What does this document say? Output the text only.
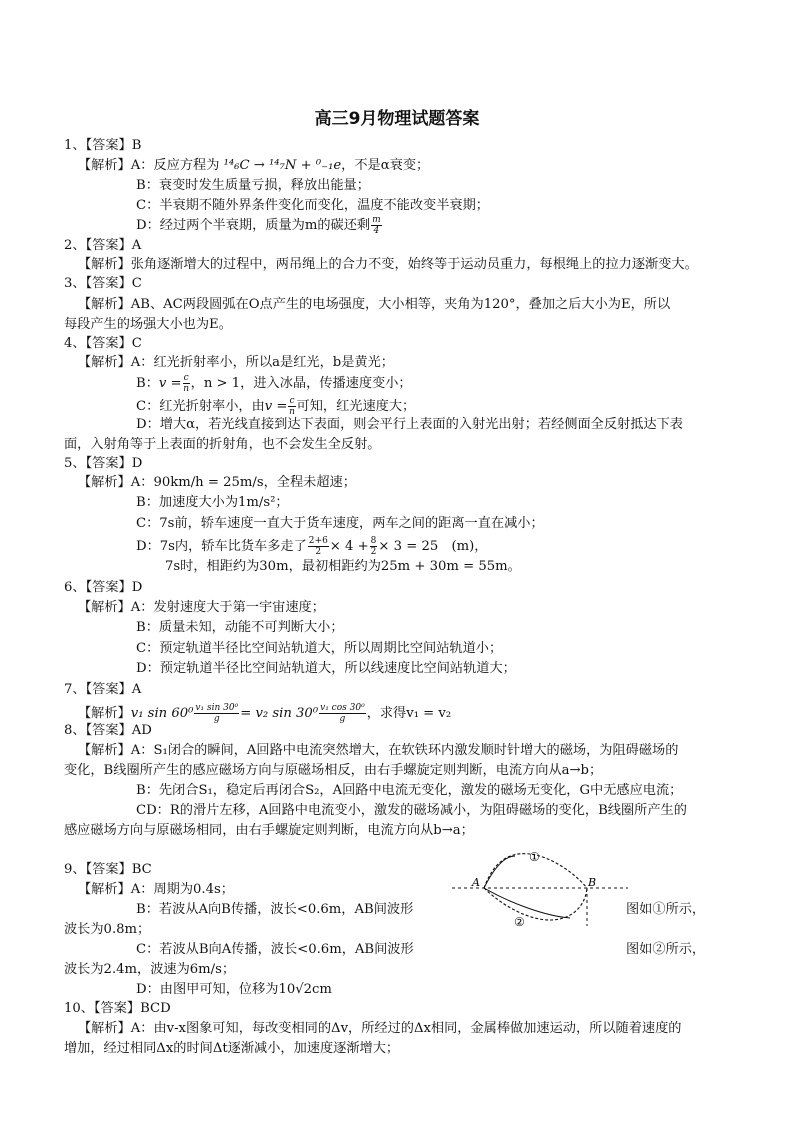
高三9月物理试题答案
1、【答案】B
【解析】A：反应方程为 ¹⁴₆C → ¹⁴₇N + ⁰₋₁e，不是α衰变；
B：衰变时发生质量亏损，释放出能量；
C：半衰期不随外界条件变化而变化，温度不能改变半衰期；
D：经过两个半衰期，质量为m的碳还剩 $\frac{m}{4}$
2、【答案】A
【解析】张角逐渐增大的过程中，两吊绳上的合力不变，始终等于运动员重力，每根绳上的拉力逐渐变大。
3、【答案】C
【解析】AB、AC两段圆弧在O点产生的电场强度，大小相等，夹角为120°，叠加之后大小为E，所以
每段产生的场强大小也为E。
4、【答案】C
【解析】A：红光折射率小，所以a是红光，b是黄光；
B：$v = \frac{c}{n}$ ，n > 1，进入冰晶，传播速度变小；
C：红光折射率小，由$v = \frac{c}{n}$ 可知，红光速度大；
D：增大α，若光线直接到达下表面，则会平行上表面的入射光出射；若经侧面全反射抵达下表
面，入射角等于上表面的折射角，也不会发生全反射。
5、【答案】D
【解析】A：90km/h = 25m/s，全程未超速；
B：加速度大小为1m/s²；
C：7s前，轿车速度一直大于货车速度，两车之间的距离一直在减小；
D：7s内，轿车比货车多走了 $\frac{2+6}{2} \times 4 + \frac{8}{2} \times 3 = 25$　(m)，
7s时，相距约为30m，最初相距约为25m + 30m = 55m。
6、【答案】D
【解析】A：发射速度大于第一宇宙速度；
B：质量未知，动能不可判断大小；
C：预定轨道半径比空间站轨道大，所以周期比空间站轨道小；
D：预定轨道半径比空间站轨道大，所以线速度比空间站轨道大；
7、【答案】A
【解析】v₁ $\sin 60^0 \frac{\text{v₁ sin 30⁰}}{g} = v_2$ $\sin 30^0 \frac{\text{v₁ cos 30⁰}}{g}$ ，求得v₁ = v₂
8、【答案】AD
【解析】A：S₁闭合的瞬间，A回路中电流突然增大，在软铁环内激发顺时针增大的磁场，为阻碍磁场的
变化，B线圈所产生的感应磁场方向与原磁场相反，由右手螺旋定则判断，电流方向从a→b；
B：先闭合S₁，稳定后再闭合S₂，A回路中电流无变化，激发的磁场无变化，G中无感应电流；
CD：R的滑片左移，A回路中电流变小，激发的磁场减小，为阻碍磁场的变化，B线圈所产生的
感应磁场方向与原磁场相同，由右手螺旋定则判断，电流方向从b→a；
9、【答案】BC
【解析】A：周期为0.4s；
B：若波从A向B传播，波长<0.6m，AB间波形	图如①所示，
波长为0.8m；
C：若波从B向A传播，波长<0.6m，AB间波形	图如②所示，
波长为2.4m，波速为6m/s；
D：由图甲可知，位移为10√2cm
A	B
①
②
10、【答案】BCD
【解析】A：由v-x图象可知，每改变相同的Δv，所经过的Δx相同，金属棒做加速运动，所以随着速度的
增加，经过相同Δx的时间Δt逐渐减小，加速度逐渐增大；
